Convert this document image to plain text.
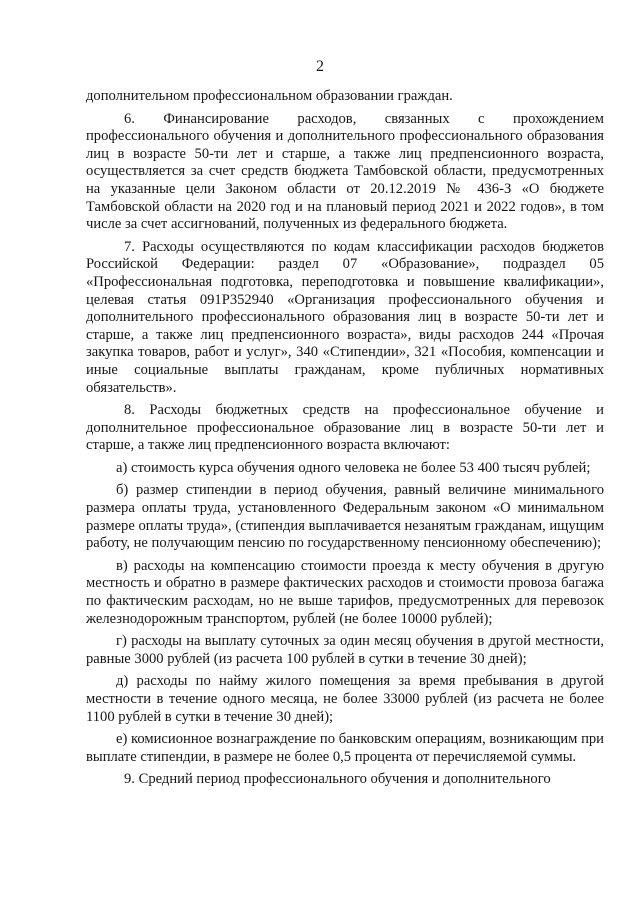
2

дополнительном профессиональном образовании граждан.

6. Финансирование расходов, связанных с прохождением профессионального обучения и дополнительного профессионального образования лиц в возрасте 50-ти лет и старше, а также лиц предпенсионного возраста, осуществляется за счет средств бюджета Тамбовской области, предусмотренных на указанные цели Законом области от 20.12.2019 № 436-З «О бюджете Тамбовской области на 2020 год и на плановый период 2021 и 2022 годов», в том числе за счет ассигнований, полученных из федерального бюджета.

7. Расходы осуществляются по кодам классификации расходов бюджетов Российской Федерации: раздел 07 «Образование», подраздел 05 «Профессиональная подготовка, переподготовка и повышение квалификации», целевая статья 091P352940 «Организация профессионального обучения и дополнительного профессионального образования лиц в возрасте 50-ти лет и старше, а также лиц предпенсионного возраста», виды расходов 244 «Прочая закупка товаров, работ и услуг», 340 «Стипендии», 321 «Пособия, компенсации и иные социальные выплаты гражданам, кроме публичных нормативных обязательств».

8. Расходы бюджетных средств на профессиональное обучение и дополнительное профессиональное образование лиц в возрасте 50-ти лет и старше, а также лиц предпенсионного возраста включают:

а) стоимость курса обучения одного человека не более 53 400 тысяч рублей;

б) размер стипендии в период обучения, равный величине минимального размера оплаты труда, установленного Федеральным законом «О минимальном размере оплаты труда», (стипендия выплачивается незанятым гражданам, ищущим работу, не получающим пенсию по государственному пенсионному обеспечению);

в) расходы на компенсацию стоимости проезда к месту обучения в другую местность и обратно в размере фактических расходов и стоимости провоза багажа по фактическим расходам, но не выше тарифов, предусмотренных для перевозок железнодорожным транспортом, рублей (не более 10000 рублей);

г) расходы на выплату суточных за один месяц обучения в другой местности, равные 3000 рублей (из расчета 100 рублей в сутки в течение 30 дней);

д) расходы по найму жилого помещения за время пребывания в другой местности в течение одного месяца, не более 33000 рублей (из расчета не более 1100 рублей в сутки в течение 30 дней);

е) комисионное вознаграждение по банковским операциям, возникающим при выплате стипендии, в размере не более 0,5 процента от перечисляемой суммы.

9. Средний период профессионального обучения и дополнительного
